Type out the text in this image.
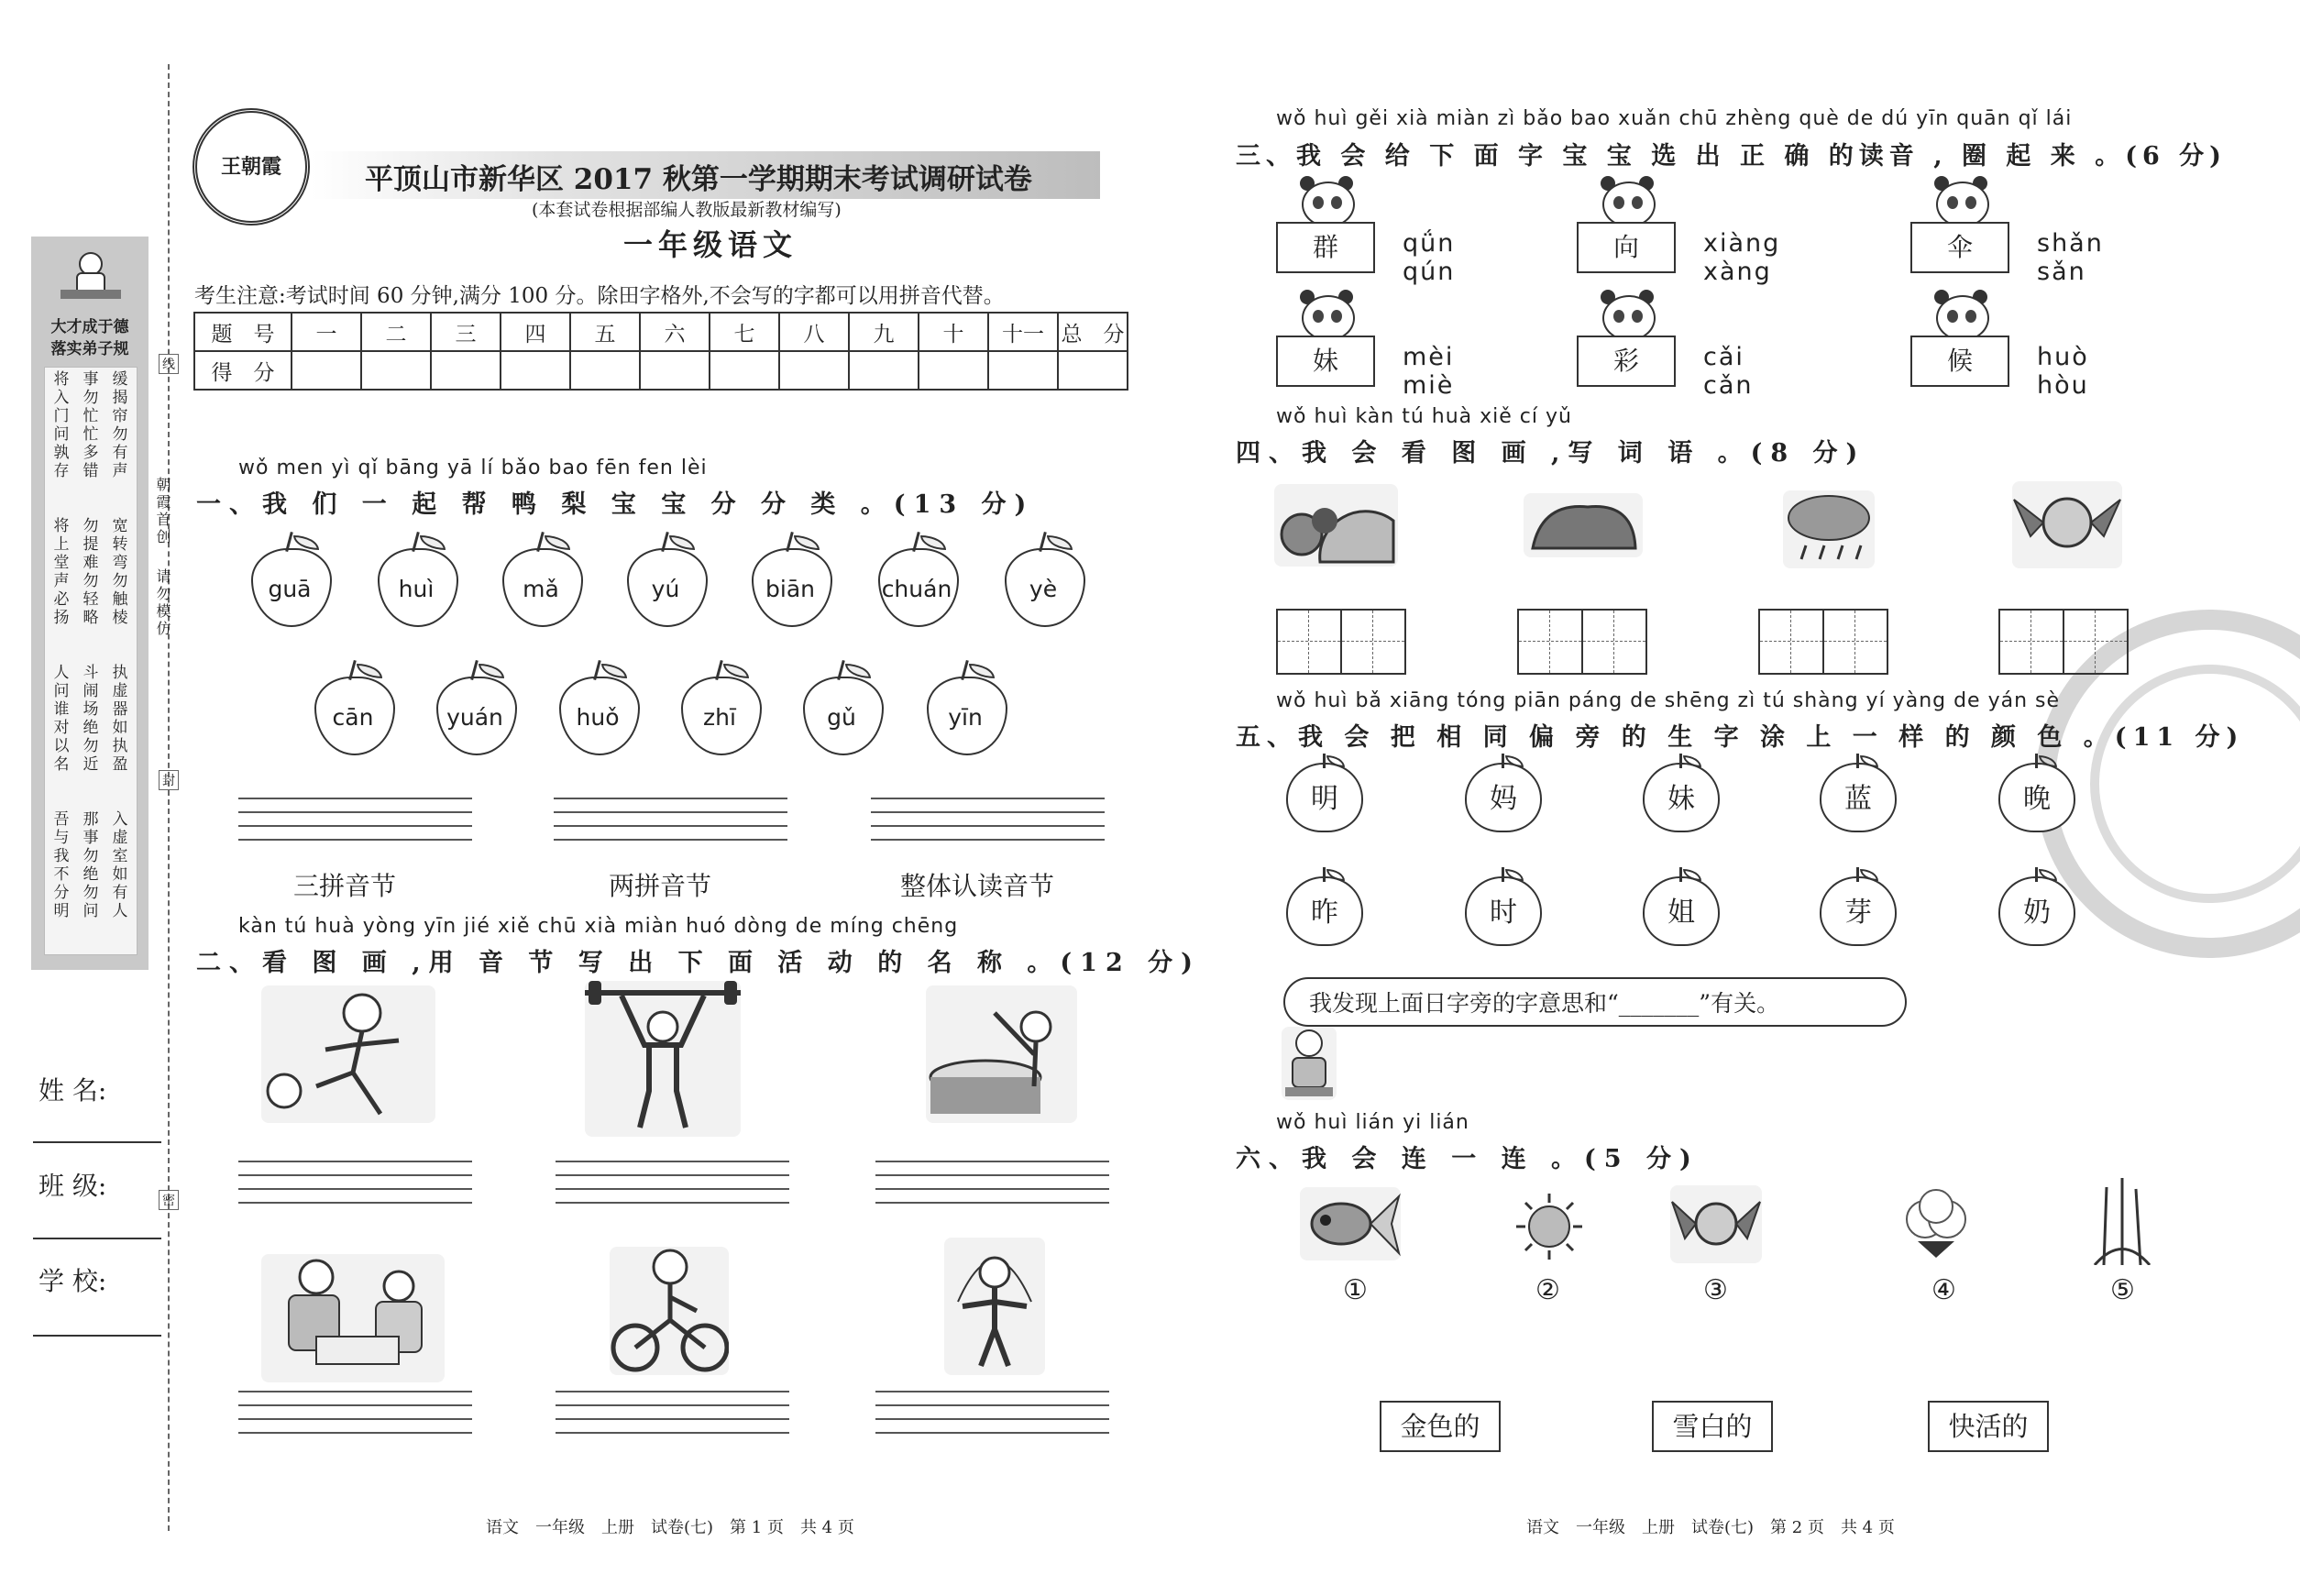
大才成于德 落实弟子规
将入门问孰存
事勿忙忙多错
缓揭帘勿有声
将上堂声必扬
勿提难勿轻略
宽转弯勿触棱
人问谁对以名
斗闹场绝勿近
执虚器如执盈
吾与我不分明
那事勿绝勿问
入虚室如有人
线
封
密
朝霞首创
请勿模仿
姓 名:
班 级:
学 校:
王朝霞	平顶山市新华区 2017 秋第一学期期末考试调研试卷
(本套试卷根据部编人教版最新教材编写)
一年级语文
考生注意:考试时间 60 分钟,满分 100 分。除田字格外,不会写的字都可以用拼音代替。
题　号	一	二	三	四	五	六	七	八	九	十	十一	总　分
得　分												
wǒ men yì qǐ bāng yā lí bǎo bao fēn fen lèi
一、我 们 一 起 帮 鸭 梨 宝 宝 分 分 类 。(13 分)
guā	huì	mǎ	yú	biān	chuán	yè
cān	yuán	huǒ	zhī	gǔ	yīn
三拼音节	两拼音节	整体认读音节
kàn tú huà yòng yīn jié xiě chū xià miàn huó dòng de míng chēng
二、看 图 画 ,用 音 节 写 出 下 面 活 动 的 名 称 。(12 分)
语文　一年级　上册　试卷(七)　第 1 页　共 4 页
wǒ huì gěi xià miàn zì bǎo bao xuǎn chū zhèng què de dú yīn quān qǐ lái
三、我 会 给 下 面 字 宝 宝 选 出 正 确 的读音 , 圈 起 来 。(6 分)
群	qǘn qún
向	xiàng xàng
伞	shǎn sǎn
妹	mèi miè
彩	cǎi cǎn
候	huò hòu
wǒ huì kàn tú huà xiě cí yǔ
四、我 会 看 图 画 ,写 词 语 。(8 分)
wǒ huì bǎ xiāng tóng piān páng de shēng zì tú shàng yí yàng de yán sè
五、我 会 把 相 同 偏 旁 的 生 字 涂 上 一 样 的 颜 色 。(11 分)
明	妈	妹	蓝	晚
昨	时	姐	芽	奶
我发现上面日字旁的字意思和“_______”有关。
wǒ huì lián yi lián
六、我 会 连 一 连 。(5 分)
①	②	③	④	⑤
金色的	雪白的	快活的
语文　一年级　上册　试卷(七)　第 2 页　共 4 页
